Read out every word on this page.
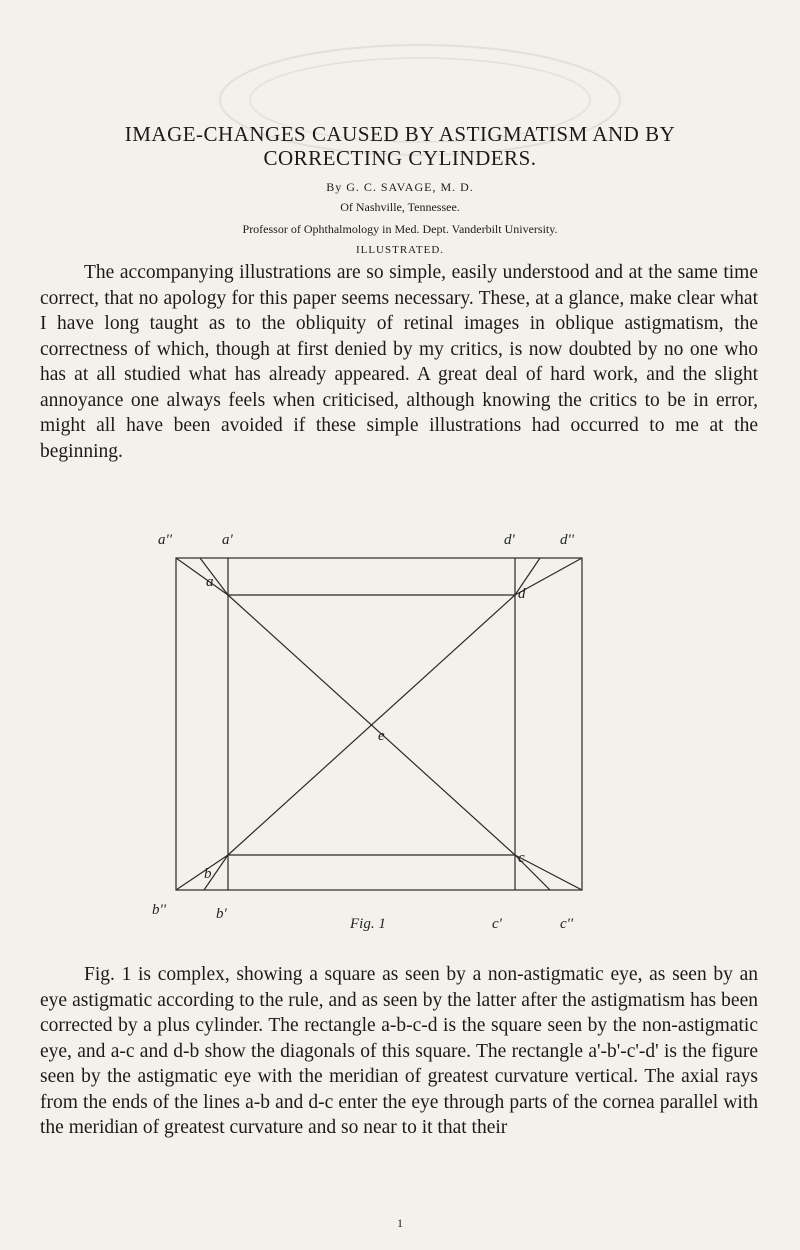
IMAGE-CHANGES CAUSED BY ASTIGMATISM AND BY
CORRECTING CYLINDERS.

By G. C. SAVAGE, M. D.

Of Nashville, Tennessee.

Professor of Ophthalmology in Med. Dept. Vanderbilt University.

ILLUSTRATED.

The accompanying illustrations are so simple, easily understood and at the same time correct, that no apology for this paper seems necessary. These, at a glance, make clear what I have long taught as to the obliquity of retinal images in oblique astigmatism, the correctness of which, though at first denied by my critics, is now doubted by no one who has at all studied what has already appeared. A great deal of hard work, and the slight annoyance one always feels when criticised, although knowing the critics to be in error, might all have been avoided if these simple illustrations had occurred to me at the beginning.

a''	a'	d'	d''
a
d
e
b
c
b''	b'
Fig. 1	c'	c''

Fig. 1 is complex, showing a square as seen by a non-astigmatic eye, as seen by an eye astigmatic according to the rule, and as seen by the latter after the astigmatism has been corrected by a plus cylinder. The rectangle a-b-c-d is the square seen by the non-astigmatic eye, and a-c and d-b show the diagonals of this square. The rectangle a'-b'-c'-d' is the figure seen by the astigmatic eye with the meridian of greatest curvature vertical. The axial rays from the ends of the lines a-b and d-c enter the eye through parts of the cornea parallel with the meridian of greatest curvature and so near to it that their

1
